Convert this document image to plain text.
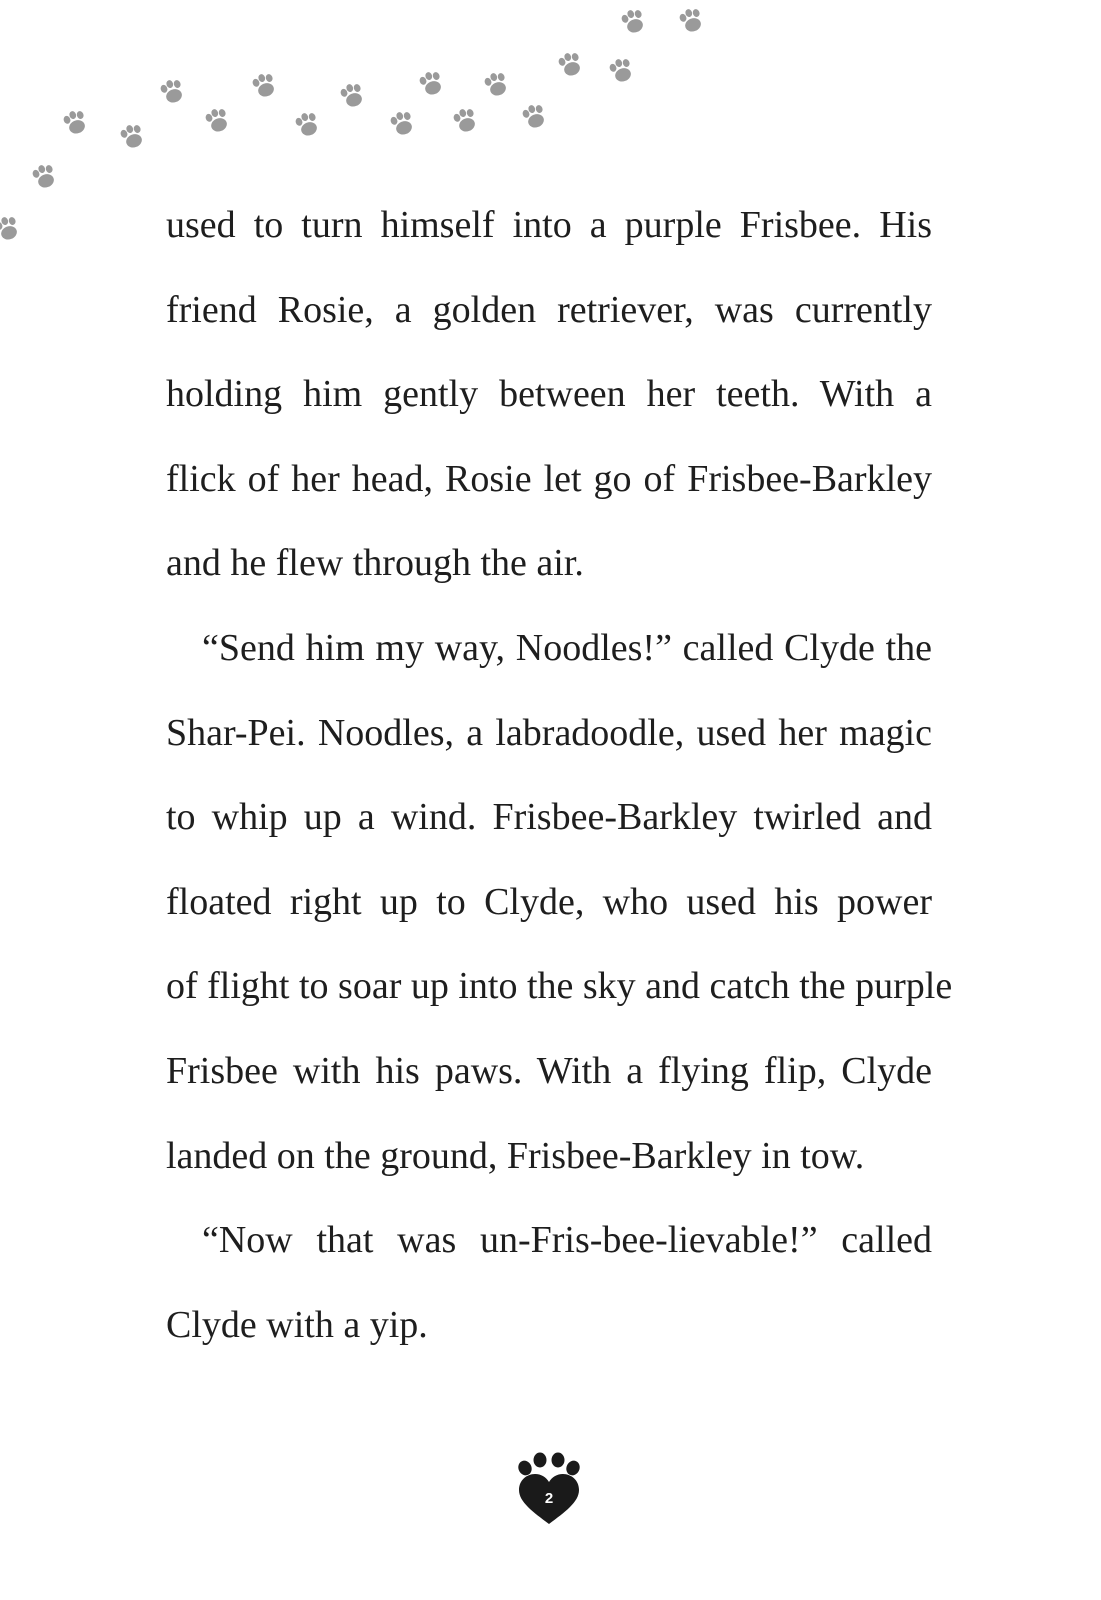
used to turn himself into a purple Frisbee. His
friend Rosie, a golden retriever, was currently
holding him gently between her teeth. With a
flick of her head, Rosie let go of Frisbee-Barkley
and he flew through the air.
“Send him my way, Noodles!” called Clyde the
Shar-Pei. Noodles, a labradoodle, used her magic
to whip up a wind. Frisbee-Barkley twirled and
floated right up to Clyde, who used his power
of flight to soar up into the sky and catch the purple
Frisbee with his paws. With a flying flip, Clyde
landed on the ground, Frisbee-Barkley in tow.
“Now that was un-Fris-bee-lievable!” called
Clyde with a yip.
2
